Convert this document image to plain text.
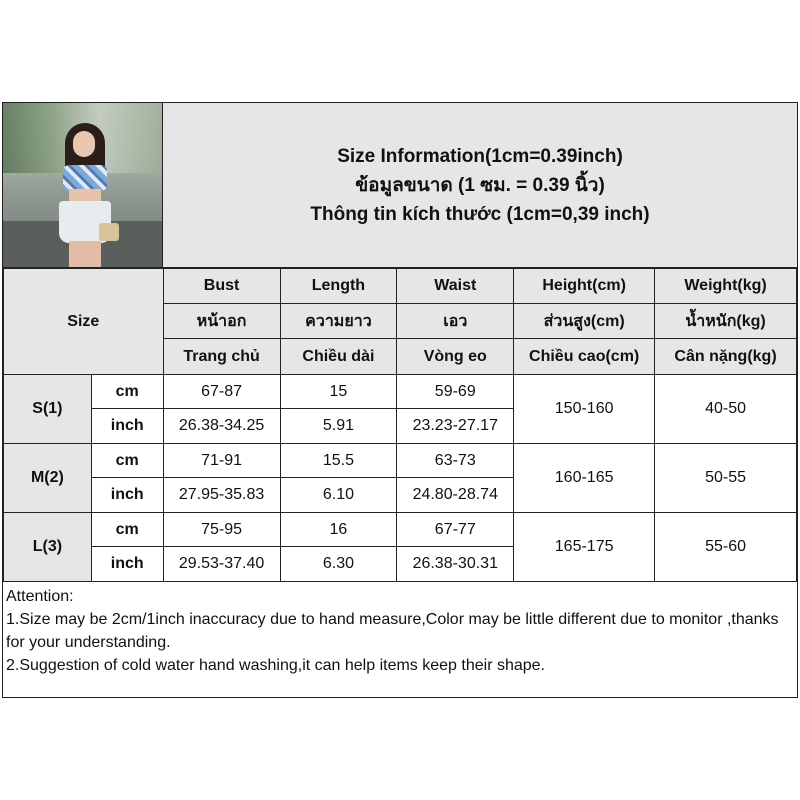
Size Information(1cm=0.39inch)
ข้อมูลขนาด (1 ซม. = 0.39 นิ้ว)
Thông tin kích thước (1cm=0,39 inch)
Size		Bust	Length	Waist	Height(cm)	Weight(kg)
		หน้าอก	ความยาว	เอว	ส่วนสูง(cm)	น้ำหนัก(kg)
		Trang chủ	Chiều dài	Vòng eo	Chiều cao(cm)	Cân nặng(kg)
S(1)	cm	67-87	15	59-69	150-160	40-50
	inch	26.38-34.25	5.91	23.23-27.17		
M(2)	cm	71-91	15.5	63-73	160-165	50-55
	inch	27.95-35.83	6.10	24.80-28.74		
L(3)	cm	75-95	16	67-77	165-175	55-60
	inch	29.53-37.40	6.30	26.38-30.31		

Attention:

1.Size may be 2cm/1inch inaccuracy due to hand measure,Color may be little different due to monitor ,thanks for your understanding.

2.Suggestion of cold water hand washing,it can help items keep their shape.
